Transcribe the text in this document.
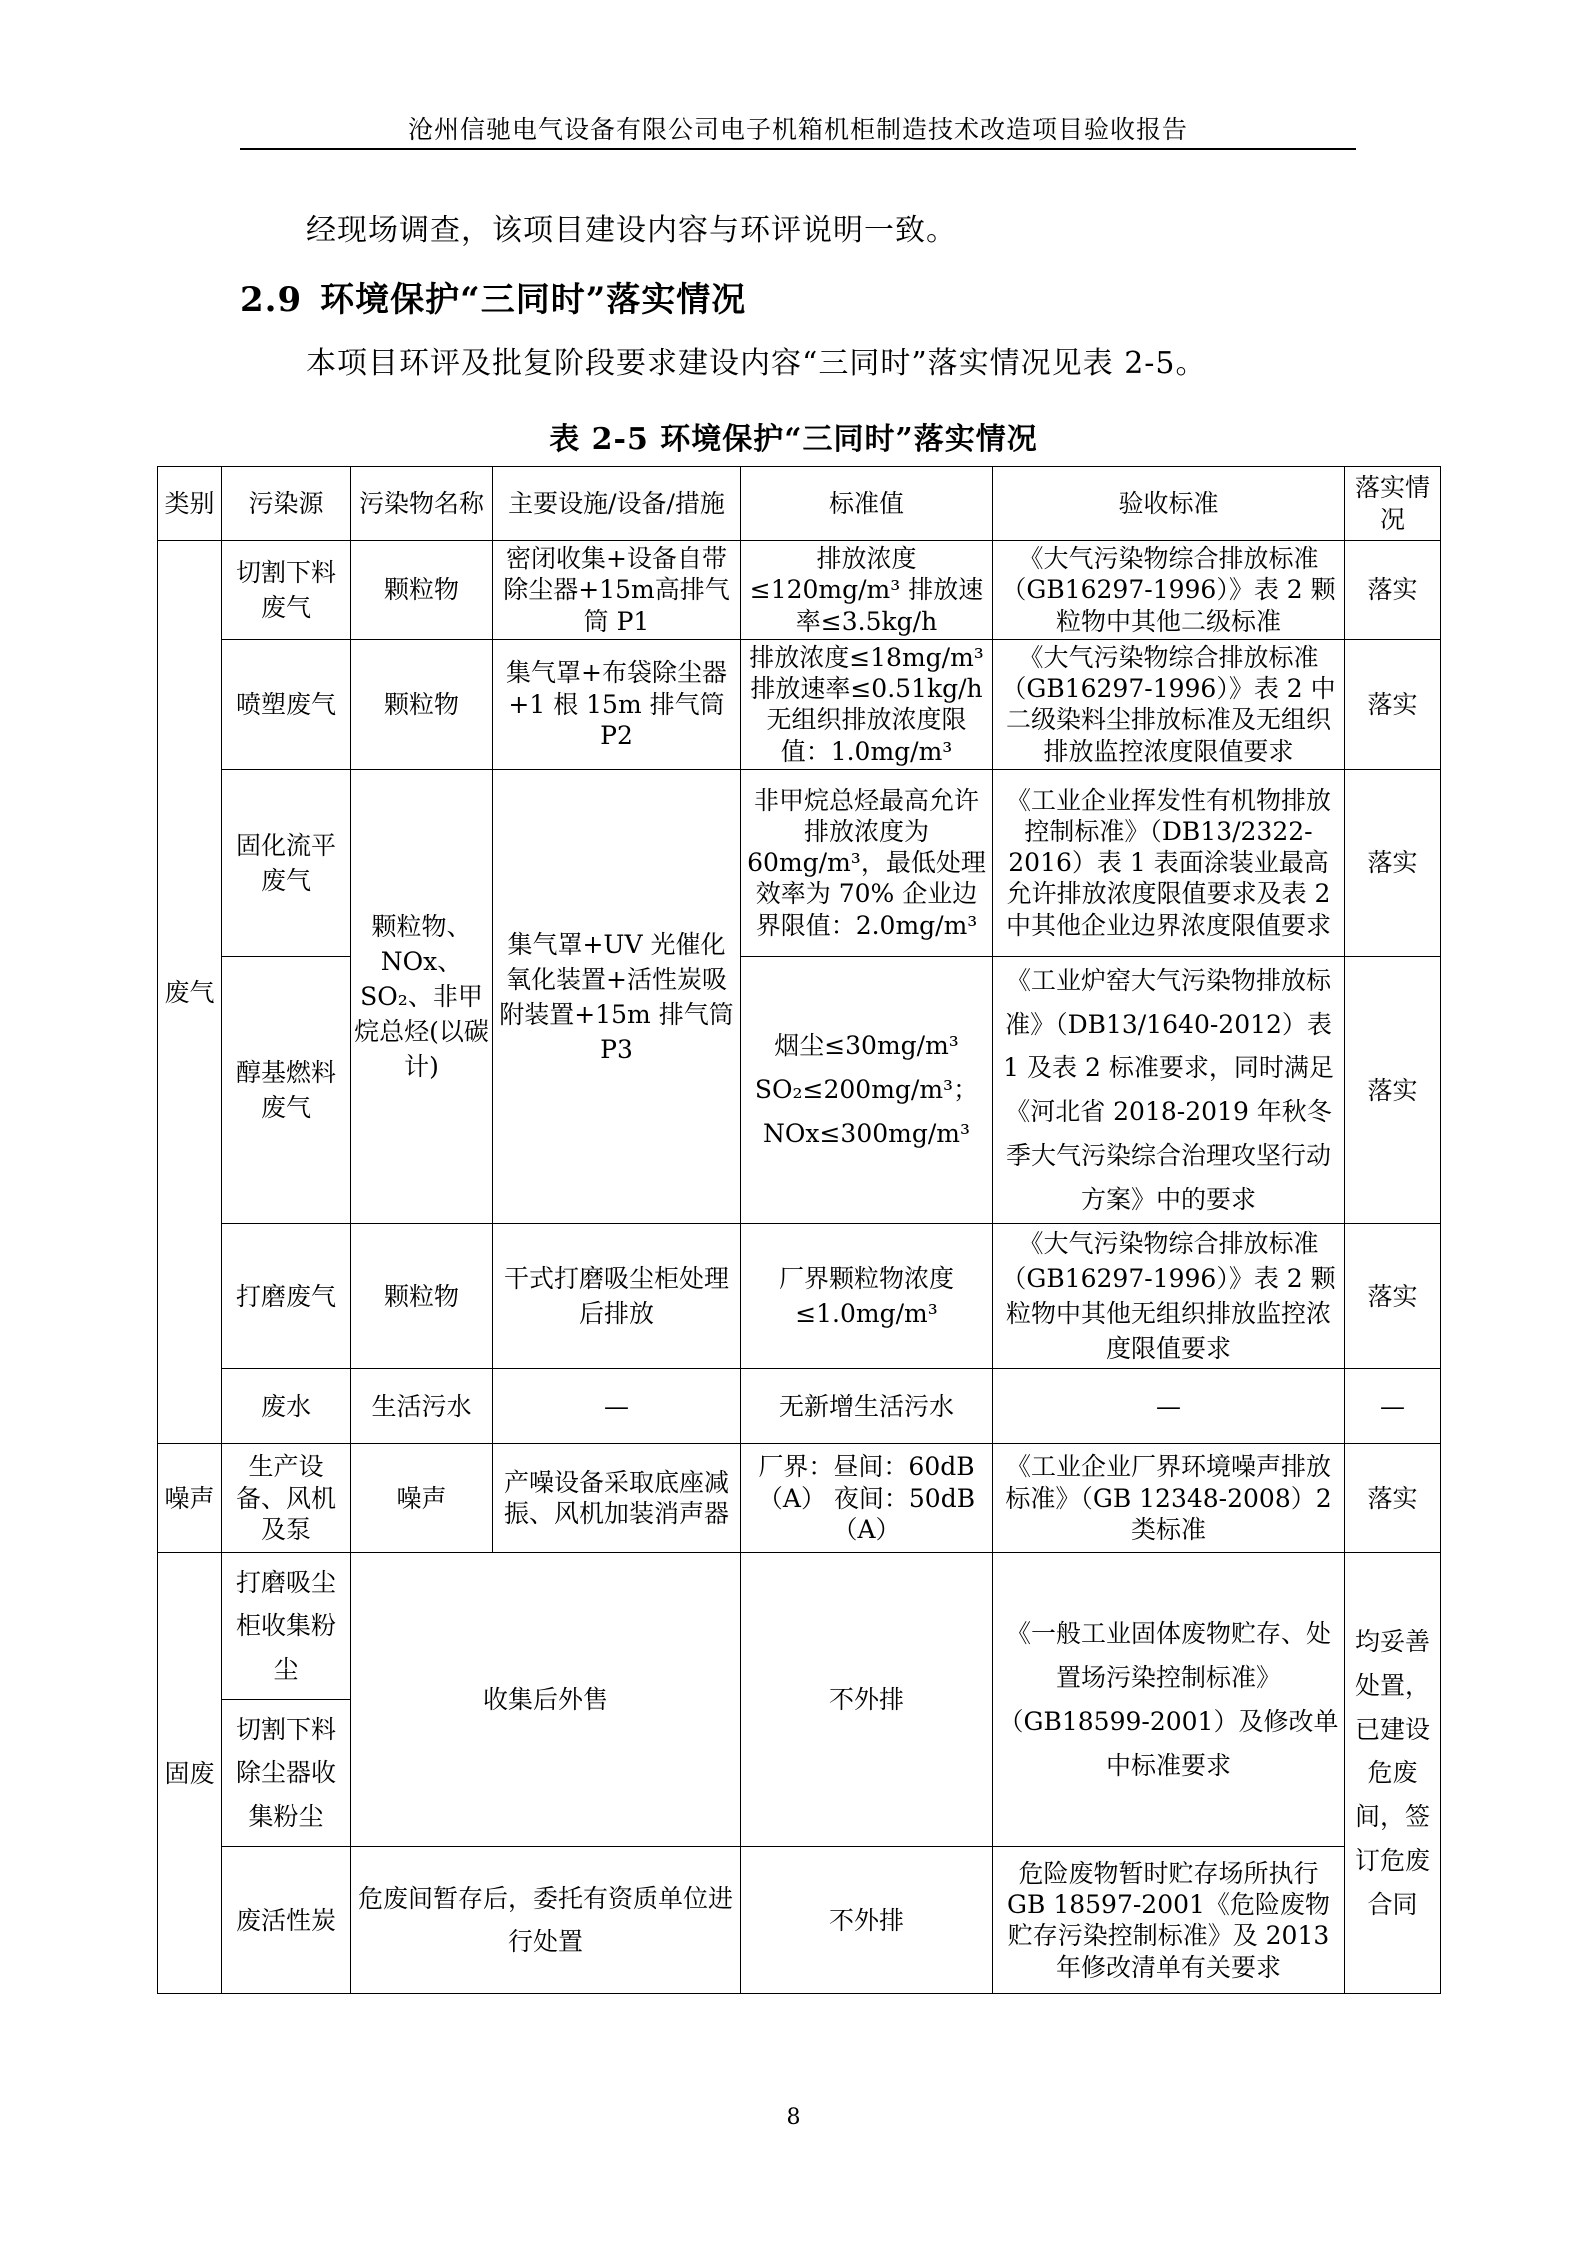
沧州信驰电气设备有限公司电子机箱机柜制造技术改造项目验收报告
经现场调查，该项目建设内容与环评说明一致。
2.9 环境保护“三同时”落实情况
本项目环评及批复阶段要求建设内容“三同时”落实情况见表 2-5。
表 2-5 环境保护“三同时”落实情况
类别	污染源	污染物名称	主要设施/设备/措施	标准值	验收标准	落实情况	
废气	切割下料废气	颗粒物	密闭收集+设备自带除尘器+15m高排气筒 P1	排放浓度≤120mg/m³ 排放速率≤3.5kg/h	《大气污染物综合排放标准（GB16297-1996）》表 2 颗粒物中其他二级标准	落实	
	喷塑废气	颗粒物	集气罩+布袋除尘器+1 根 15m 排气筒 P2	排放浓度≤18mg/m³ 排放速率≤0.51kg/h 无组织排放浓度限值：1.0mg/m³	《大气污染物综合排放标准（GB16297-1996）》表 2 中二级染料尘排放标准及无组织排放监控浓度限值要求	落实	
	固化流平废气	颗粒物、NOx、SO₂、非甲烷总烃(以碳计)	集气罩+UV 光催化氧化装置+活性炭吸附装置+15m 排气筒 P3	非甲烷总烃最高允许排放浓度为 60mg/m³，最低处理效率为 70% 企业边界限值：2.0mg/m³	《工业企业挥发性有机物排放控制标准》（DB13/2322-2016）表 1 表面涂装业最高允许排放浓度限值要求及表 2 中其他企业边界浓度限值要求	落实	
	醇基燃料废气			烟尘≤30mg/m³ SO₂≤200mg/m³； NOx≤300mg/m³	《工业炉窑大气污染物排放标准》（DB13/1640-2012）表 1 及表 2 标准要求，同时满足《河北省 2018-2019 年秋冬季大气污染综合治理攻坚行动方案》中的要求	落实	
	打磨废气	颗粒物	干式打磨吸尘柜处理后排放	厂界颗粒物浓度≤1.0mg/m³	《大气污染物综合排放标准（GB16297-1996）》表 2 颗粒物中其他无组织排放监控浓度限值要求	落实	
	废水	生活污水	—	无新增生活污水	—	—	
噪声	生产设备、风机及泵	噪声	产噪设备采取底座减振、风机加装消声器	厂界：昼间：60dB（A） 夜间：50dB（A）	《工业企业厂界环境噪声排放标准》（GB 12348-2008）2 类标准	落实	
固废	打磨吸尘柜收集粉尘	收集后外售		不外排	《一般工业固体废物贮存、处置场污染控制标准》（GB18599-2001）及修改单中标准要求	均妥善处置，已建设危废间，签订危废合同	
	切割下料除尘器收集粉尘						
	废活性炭	危废间暂存后，委托有资质单位进行处置		不外排	危险废物暂时贮存场所执行 GB 18597-2001《危险废物贮存污染控制标准》及 2013 年修改清单有关要求		
8
